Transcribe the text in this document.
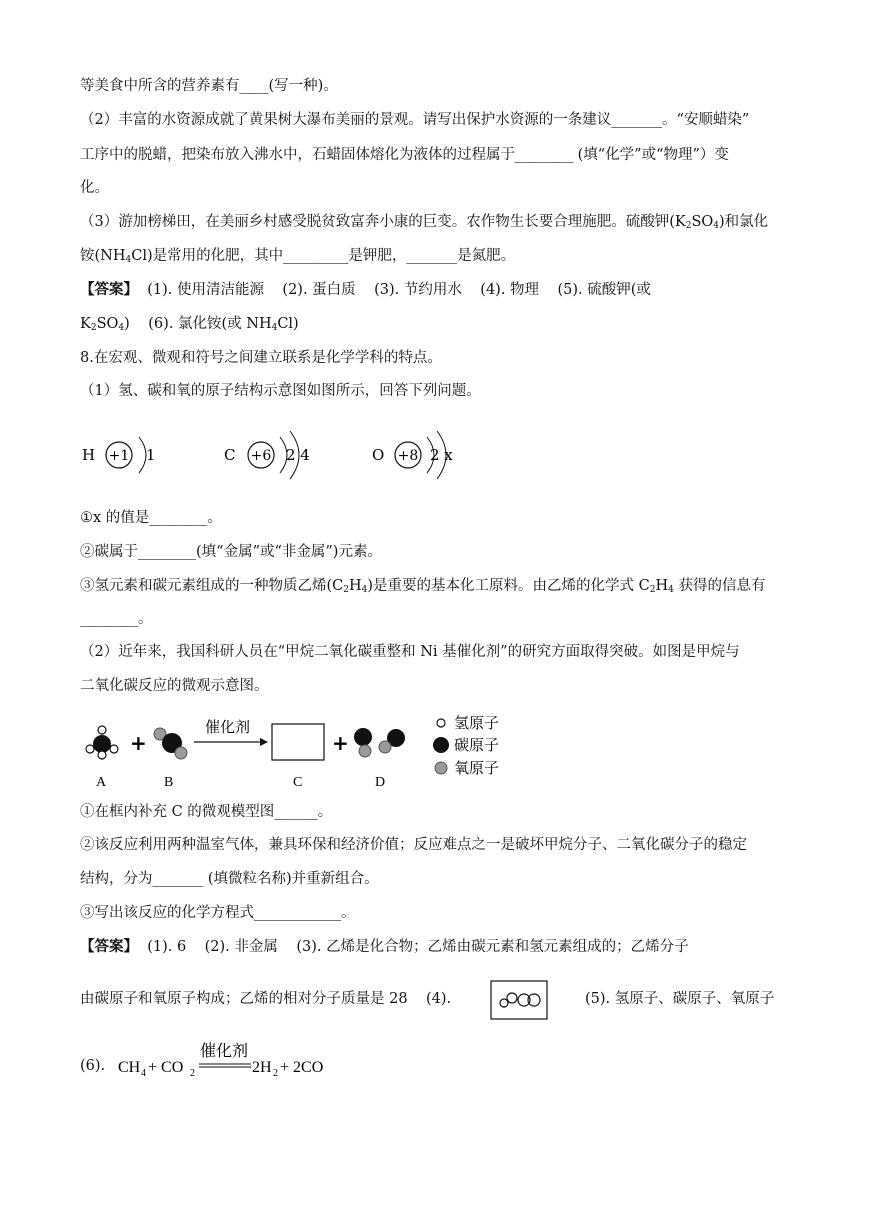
等美食中所含的营养素有____(写一种)。
（2）丰富的水资源成就了黄果树大瀑布美丽的景观。请写出保护水资源的一条建议_______。“安顺蜡染”
工序中的脱蜡，把染布放入沸水中，石蜡固体熔化为液体的过程属于________ (填“化学”或“物理”）变
化。
（3）游加榜梯田，在美丽乡村感受脱贫致富奔小康的巨变。农作物生长要合理施肥。硫酸钾$(K_2SO_4)$和氯化
铵$(NH_4Cl)$是常用的化肥，其中_________是钾肥，_______是氮肥。
【答案】  (1). 使用清洁能源    (2). 蛋白质    (3). 节约用水    (4). 物理    (5). 硫酸钾(或
$K_2SO_4$)    (6). 氯化铵(或 $NH_4Cl$)
8.在宏观、微观和符号之间建立联系是化学学科的特点。
（1）氢、碳和氧的原子结构示意图如图所示，回答下列问题。
H +1 1	C +6 2 4	O +8 2 x
①x 的值是________。
②碳属于________(填“金属”或“非金属”)元素。
③氢元素和碳元素组成的一种物质乙烯$(C_2H_4)$是重要的基本化工原料。由乙烯的化学式 $C_2H_4$ 获得的信息有
________。
（2）近年来，我国科研人员在“甲烷二氧化碳重整和 Ni 基催化剂”的研究方面取得突破。如图是甲烷与
二氧化碳反应的微观示意图。
+
催化剂
+
A	B	C	D
氢原子
碳原子
氧原子
①在框内补充 C 的微观模型图______。
②该反应利用两种温室气体，兼具环保和经济价值；反应难点之一是破坏甲烷分子、二氧化碳分子的稳定
结构，分为_______ (填微粒名称)并重新组合。
③写出该反应的化学方程式____________。
【答案】  (1). 6    (2). 非金属    (3). 乙烯是化合物；乙烯由碳元素和氢元素组成的；乙烯分子
由碳原子和氧原子构成；乙烯的相对分子质量是 28    (4).	(5). 氢原子、碳原子、氧原子
(6). CH 4 + CO 2
催化剂
2H 2 + 2CO
